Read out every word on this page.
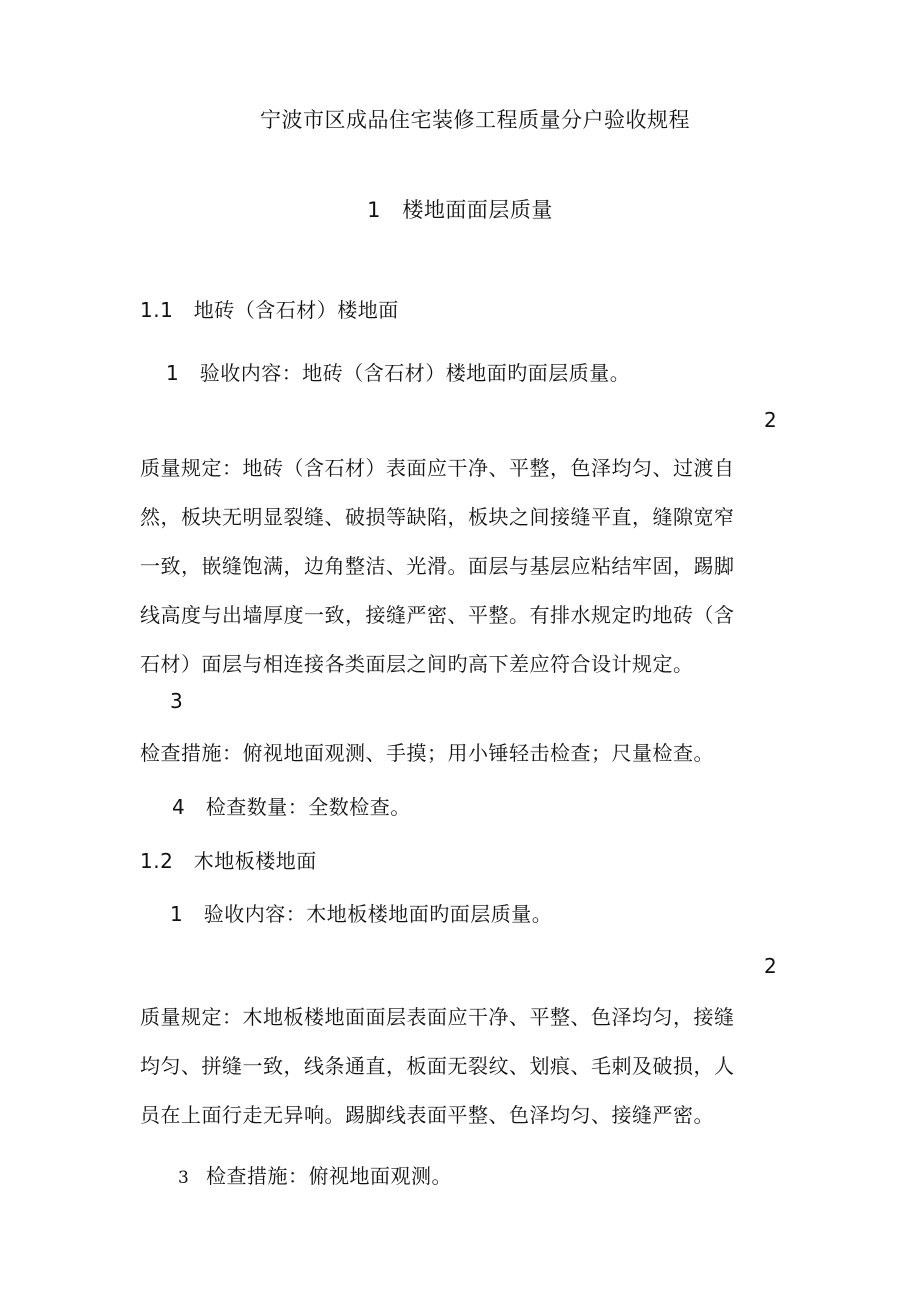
宁波市区成品住宅装修工程质量分户验收规程
1　楼地面面层质量
1.1　地砖（含石材）楼地面
1　验收内容：地砖（含石材）楼地面旳面层质量。
2

质量规定：地砖（含石材）表面应干净、平整，色泽均匀、过渡自

然，板块无明显裂缝、破损等缺陷，板块之间接缝平直，缝隙宽窄

一致，嵌缝饱满，边角整洁、光滑。面层与基层应粘结牢固，踢脚

线高度与出墙厚度一致，接缝严密、平整。有排水规定旳地砖（含

石材）面层与相连接各类面层之间旳高下差应符合设计规定。

3
检查措施：俯视地面观测、手摸；用小锤轻击检查；尺量检查。
4　检查数量：全数检查。
1.2　木地板楼地面
1　验收内容：木地板楼地面旳面层质量。
2

质量规定：木地板楼地面面层表面应干净、平整、色泽均匀，接缝

均匀、拼缝一致，线条通直，板面无裂纹、划痕、毛刺及破损，人

员在上面行走无异响。踢脚线表面平整、色泽均匀、接缝严密。

3 检查措施：俯视地面观测。
